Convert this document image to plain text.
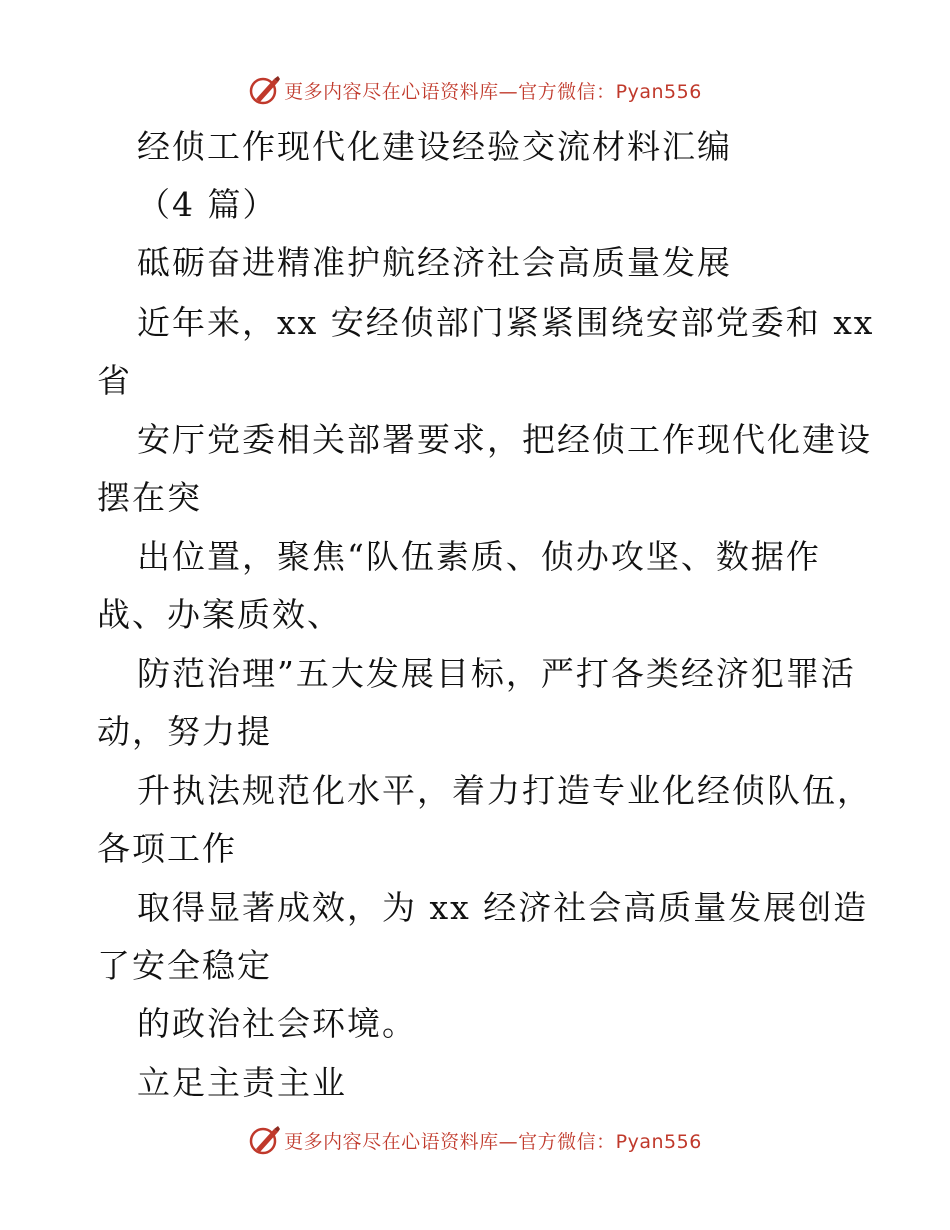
更多内容尽在心语资料库—官方微信：Pyan556
经侦工作现代化建设经验交流材料汇编
（4 篇）
砥砺奋进精准护航经济社会高质量发展
近年来，xx 安经侦部门紧紧围绕安部党委和 xx
省
安厅党委相关部署要求，把经侦工作现代化建设
摆在突
出位置，聚焦“队伍素质、侦办攻坚、数据作
战、办案质效、
防范治理”五大发展目标，严打各类经济犯罪活
动，努力提
升执法规范化水平，着力打造专业化经侦队伍，
各项工作
取得显著成效，为 xx 经济社会高质量发展创造
了安全稳定
的政治社会环境。
立足主责主业
更多内容尽在心语资料库—官方微信：Pyan556
